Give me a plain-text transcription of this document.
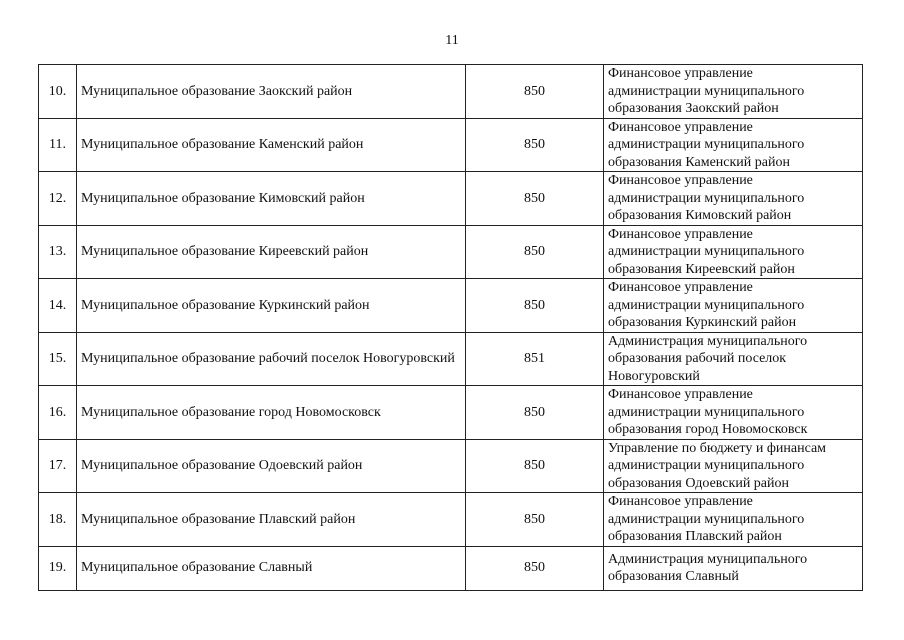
11
10.	Муниципальное образование Заокский район	850	Финансовое управление
администрации муниципального
образования Заокский район

11.	Муниципальное образование Каменский район	850	Финансовое управление
администрации муниципального
образования Каменский район

12.	Муниципальное образование Кимовский район	850	Финансовое управление
администрации муниципального
образования Кимовский район

13.	Муниципальное образование Киреевский район	850	Финансовое управление
администрации муниципального
образования Киреевский район

14.	Муниципальное образование Куркинский район	850	Финансовое управление
администрации муниципального
образования Куркинский район

15.	Муниципальное образование рабочий поселок Новогуровский	851	Администрация муниципального
образования рабочий поселок
Новогуровский

16.	Муниципальное образование город Новомосковск	850	Финансовое управление
администрации муниципального
образования город Новомосковск

17.	Муниципальное образование Одоевский район	850	Управление по бюджету и финансам
администрации муниципального
образования Одоевский район

18.	Муниципальное образование Плавский район	850	Финансовое управление
администрации муниципального
образования Плавский район

19.	Муниципальное образование Славный	850	Администрация муниципального
образования Славный
